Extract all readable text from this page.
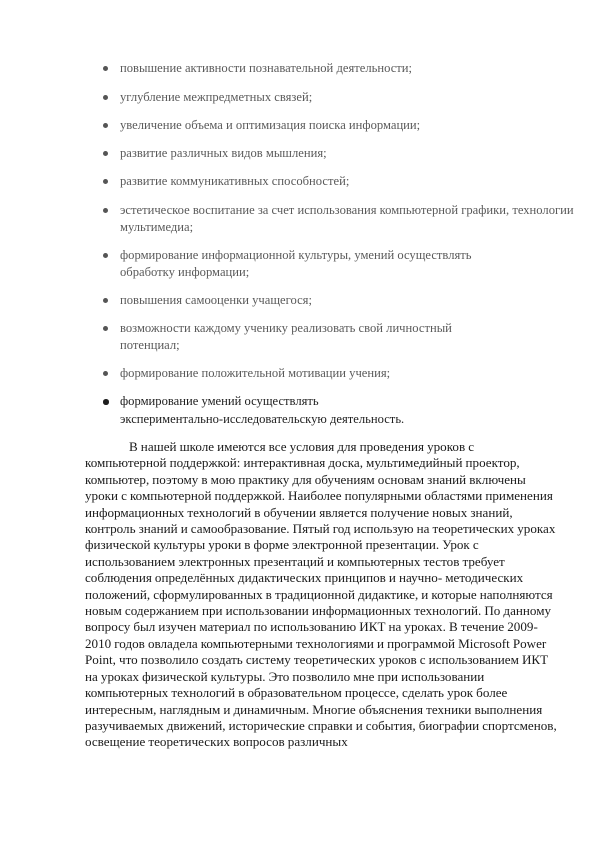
повышение активности познавательной деятельности;
углубление межпредметных связей;
увеличение объема и оптимизация поиска информации;
развитие различных видов мышления;
развитие коммуникативных способностей;
эстетическое воспитание за счет использования компьютерной графики, технологии мультимедиа;
формирование информационной культуры, умений осуществлять обработку информации;
повышения самооценки учащегося;
возможности каждому ученику реализовать свой личностный потенциал;
формирование положительной мотивации учения;
формирование умений осуществлять экспериментально-исследовательскую деятельность.

В нашей школе имеются все условия для проведения уроков с компьютерной поддержкой: интерактивная доска, мультимедийный проектор, компьютер, поэтому в мою практику для обучениям основам знаний включены уроки с компьютерной поддержкой. Наиболее популярными областями применения информационных технологий в обучении является получение новых знаний, контроль знаний и самообразование. Пятый год использую на теоретических уроках физической культуры уроки в форме электронной презентации. Урок с использованием электронных презентаций и компьютерных тестов требует соблюдения определённых дидактических принципов и научно- методических положений, сформулированных в традиционной дидактике, и которые наполняются новым содержанием при использовании информационных технологий. По данному вопросу был изучен материал по использованию ИКТ на уроках. В течение 2009-2010 годов овладела компьютерными технологиями и программой Microsoft Power Point, что позволило создать систему теоретических уроков с использованием ИКТ на уроках физической культуры. Это позволило мне при использовании компьютерных технологий в образовательном процессе, сделать урок более интересным, наглядным и динамичным. Многие объяснения техники выполнения разучиваемых движений, исторические справки и события, биографии спортсменов, освещение теоретических вопросов различных
